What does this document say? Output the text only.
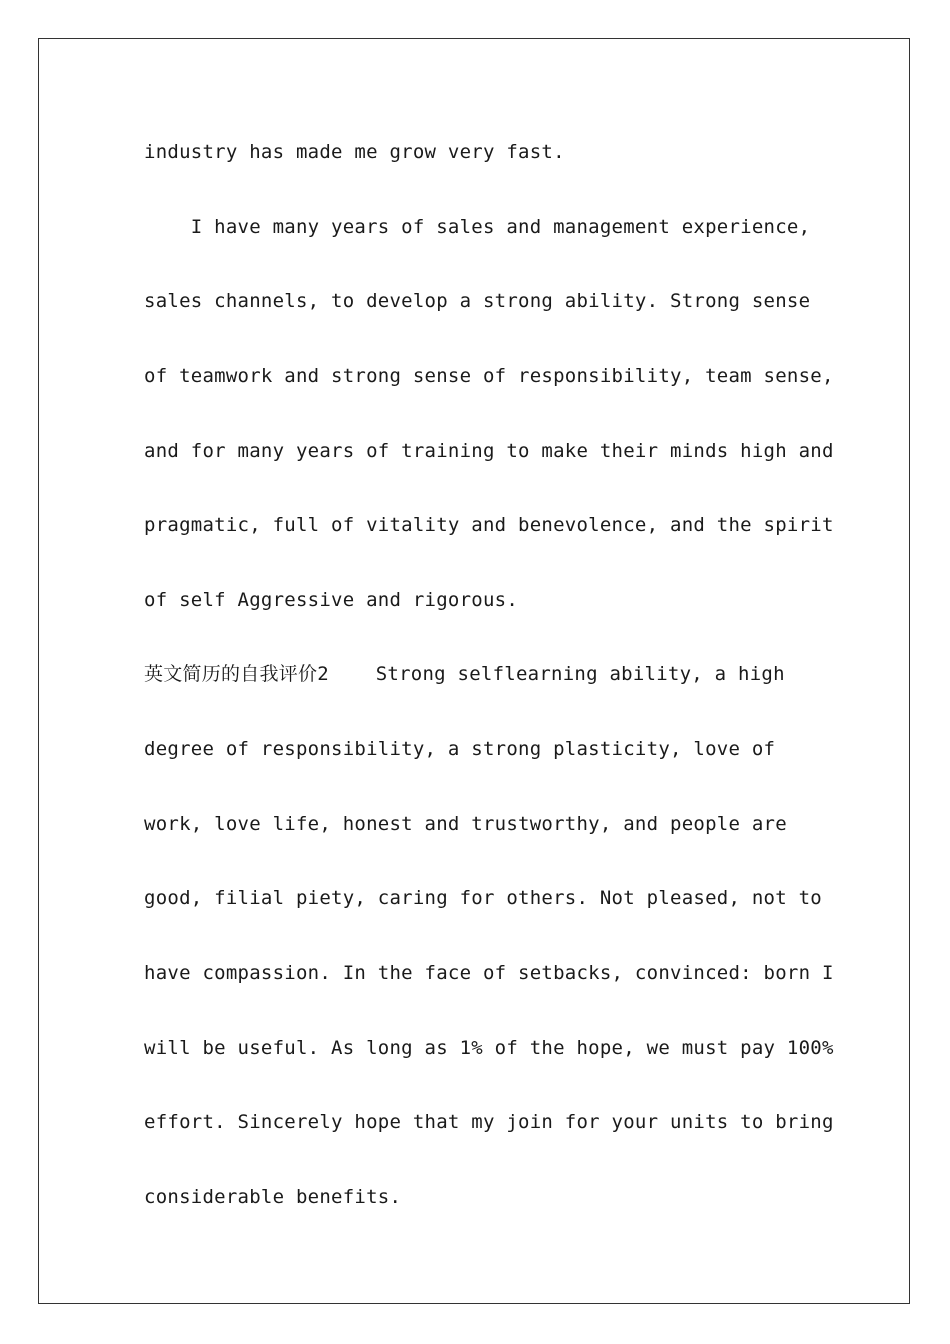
industry has made me grow very fast.

I have many years of sales and management experience,

sales channels, to develop a strong ability. Strong sense

of teamwork and strong sense of responsibility, team sense,

and for many years of training to make their minds high and

pragmatic, full of vitality and benevolence, and the spirit

of self Aggressive and rigorous.

英文简历的自我评价2    Strong selflearning ability, a high

degree of responsibility, a strong plasticity, love of

work, love life, honest and trustworthy, and people are

good, filial piety, caring for others. Not pleased, not to

have compassion. In the face of setbacks, convinced: born I

will be useful. As long as 1% of the hope, we must pay 100%

effort. Sincerely hope that my join for your units to bring

considerable benefits.
